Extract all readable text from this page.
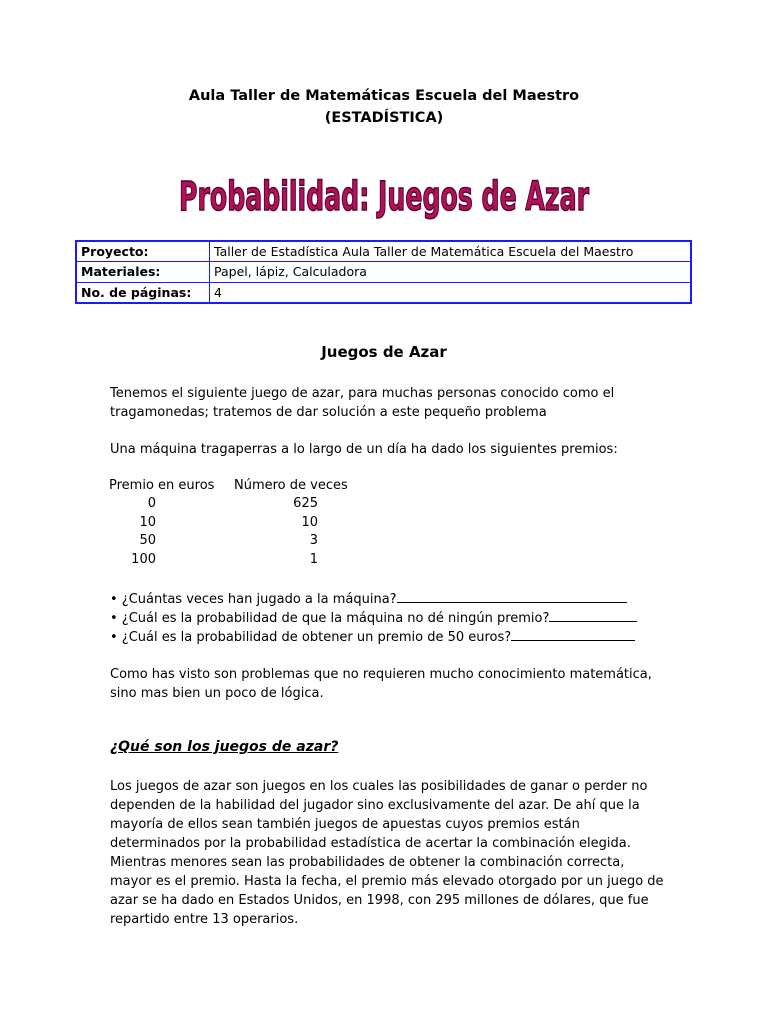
Aula Taller de Matemáticas Escuela del Maestro
(ESTADÍSTICA)
Probabilidad: Juegos de Azar
Proyecto:	Taller de Estadística Aula Taller de Matemática Escuela del Maestro
Materiales:	Papel, lápiz, Calculadora
No. de páginas:	4
Juegos de Azar
Tenemos el siguiente juego de azar, para muchas personas conocido como el
tragamonedas; tratemos de dar solución a este pequeño problema
Una máquina tragaperras a lo largo de un día ha dado los siguientes premios:
Premio en euros Número de veces
0	625
10	10
50	3
100	1
• ¿Cuántas veces han jugado a la máquina?
• ¿Cuál es la probabilidad de que la máquina no dé ningún premio?
• ¿Cuál es la probabilidad de obtener un premio de 50 euros?
Como has visto son problemas que no requieren mucho conocimiento matemática,
sino mas bien un poco de lógica.
¿Qué son los juegos de azar?
Los juegos de azar son juegos en los cuales las posibilidades de ganar o perder no
dependen de la habilidad del jugador sino exclusivamente del azar. De ahí que la
mayoría de ellos sean también juegos de apuestas cuyos premios están
determinados por la probabilidad estadística de acertar la combinación elegida.
Mientras menores sean las probabilidades de obtener la combinación correcta,
mayor es el premio. Hasta la fecha, el premio más elevado otorgado por un juego de
azar se ha dado en Estados Unidos, en 1998, con 295 millones de dólares, que fue
repartido entre 13 operarios.
